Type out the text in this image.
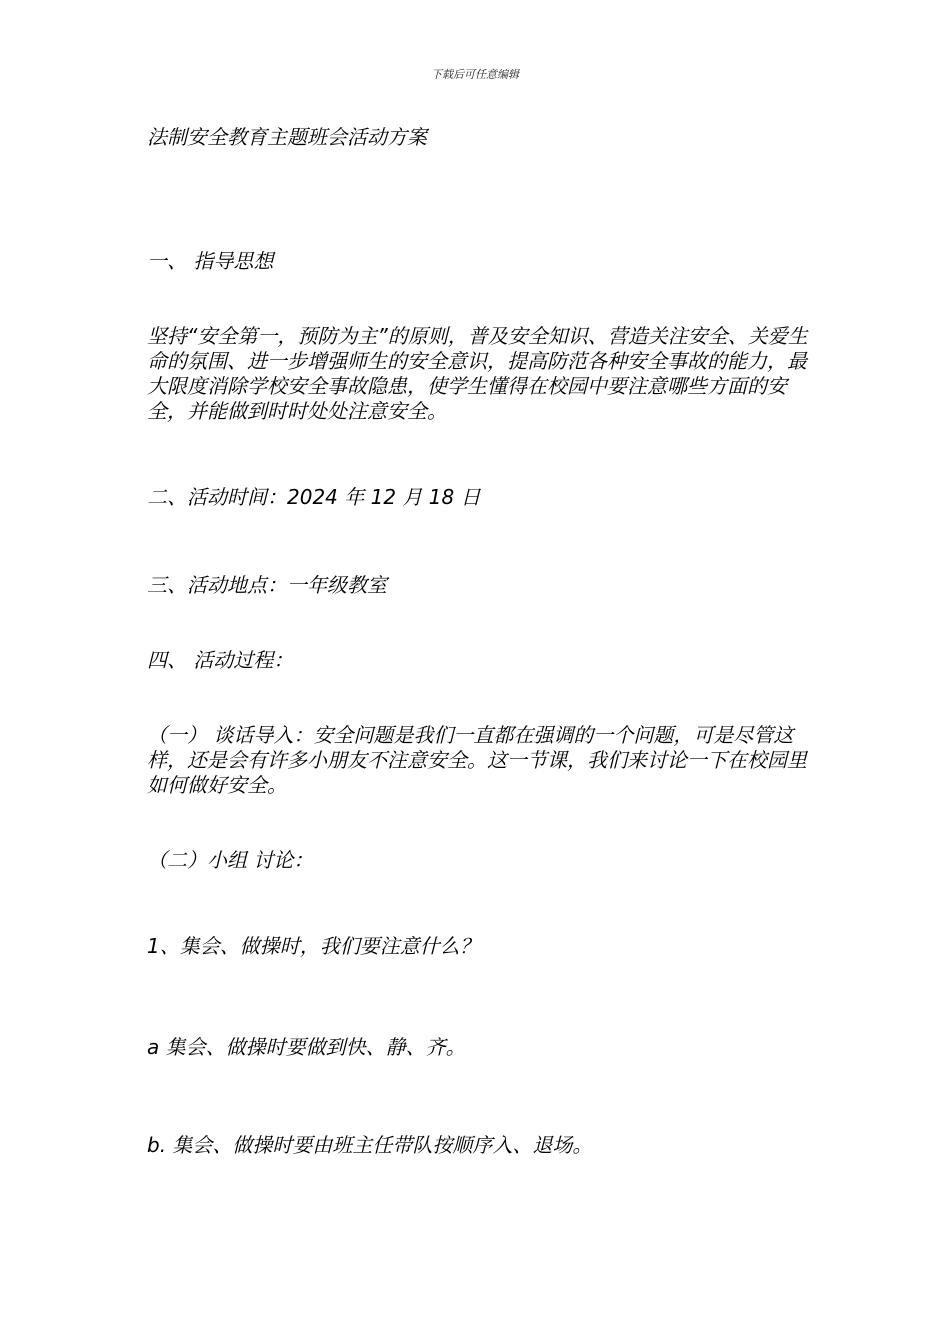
下载后可任意编辑
法制安全教育主题班会活动方案
一、 指导思想
坚持“安全第一，预防为主”的原则，普及安全知识、营造关注安全、关爱生命的氛围、进一步增强师生的安全意识，提高防范各种安全事故的能力，最大限度消除学校安全事故隐患，使学生懂得在校园中要注意哪些方面的安全，并能做到时时处处注意安全。
二、活动时间：2024 年 12 月 18 日
三、活动地点：一年级教室
四、 活动过程：
（一） 谈话导入：安全问题是我们一直都在强调的一个问题，可是尽管这样，还是会有许多小朋友不注意安全。这一节课，我们来讨论一下在校园里如何做好安全。
（二）小组 讨论：
1、集会、做操时，我们要注意什么？
a 集会、做操时要做到快、静、齐。
b. 集会、做操时要由班主任带队按顺序入、退场。
